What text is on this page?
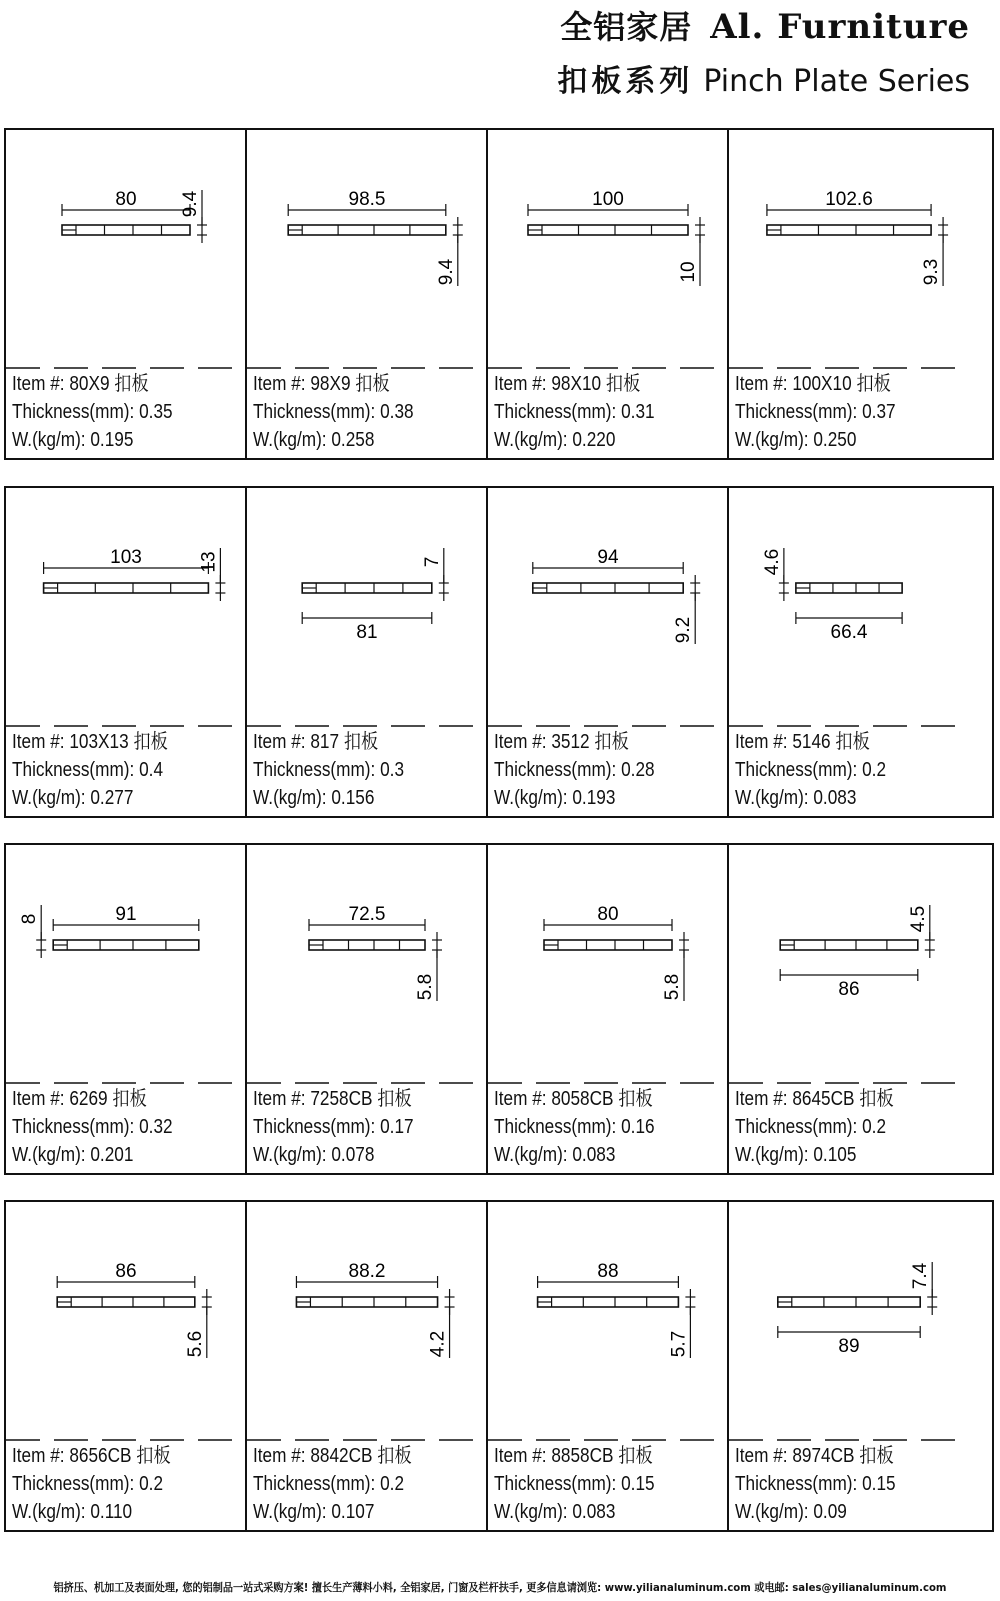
全铝家居 Al. Furniture
扣板系列 Pinch Plate Series
80 9.4
Item #: 80X9 扣板
Thickness(mm): 0.35
W.(kg/m): 0.195
98.5
9.4
Item #: 98X9 扣板
Thickness(mm): 0.38
W.(kg/m): 0.258
100
10
Item #: 98X10 扣板
Thickness(mm): 0.31
W.(kg/m): 0.220
102.6
9.3
Item #: 100X10 扣板
Thickness(mm): 0.37
W.(kg/m): 0.250
103	13
Item #: 103X13 扣板
Thickness(mm): 0.4
W.(kg/m): 0.277
81
7
Item #: 817 扣板
Thickness(mm): 0.3
W.(kg/m): 0.156
94
9.2
Item #: 3512 扣板
Thickness(mm): 0.28
W.(kg/m): 0.193
66.4
4.6
Item #: 5146 扣板
Thickness(mm): 0.2
W.(kg/m): 0.083
91
8
Item #: 6269 扣板
Thickness(mm): 0.32
W.(kg/m): 0.201
72.5
5.8
Item #: 7258CB 扣板
Thickness(mm): 0.17
W.(kg/m): 0.078
80
5.8
Item #: 8058CB 扣板
Thickness(mm): 0.16
W.(kg/m): 0.083
86
4.5
Item #: 8645CB 扣板
Thickness(mm): 0.2
W.(kg/m): 0.105
86
5.6
Item #: 8656CB 扣板
Thickness(mm): 0.2
W.(kg/m): 0.110
88.2
4.2
Item #: 8842CB 扣板
Thickness(mm): 0.2
W.(kg/m): 0.107
88
5.7
Item #: 8858CB 扣板
Thickness(mm): 0.15
W.(kg/m): 0.083
89
7.4
Item #: 8974CB 扣板
Thickness(mm): 0.15
W.(kg/m): 0.09
铝挤压、机加工及表面处理, 您的铝制品一站式采购方案! 擅长生产薄料小料, 全铝家居, 门窗及栏杆扶手, 更多信息请浏览: www.yilianaluminum.com 或电邮: sales@yilianaluminum.com
